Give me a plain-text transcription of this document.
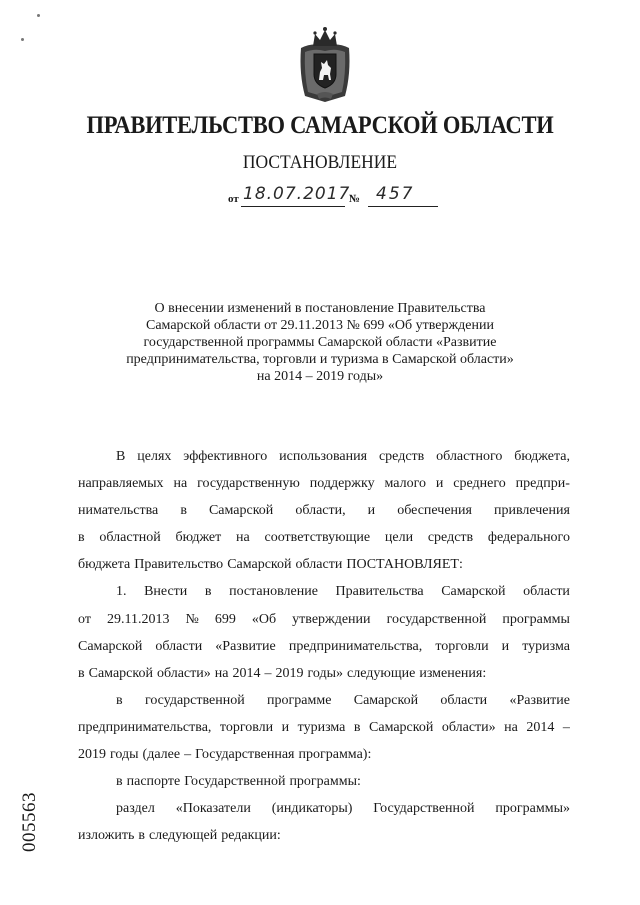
ПРАВИТЕЛЬСТВО САМАРСКОЙ ОБЛАСТИ
ПОСТАНОВЛЕНИЕ
от 18.07.2017
№ 457
О внесении изменений в постановление Правительства
Самарской области от 29.11.2013 № 699 «Об утверждении
государственной программы Самарской области «Развитие
предпринимательства, торговли и туризма в Самарской области»
на 2014 – 2019 годы»
В целях эффективного использования средств областного бюджета,
направляемых на государственную поддержку малого и среднего предпри-
нимательства в Самарской области, и обеспечения привлечения
в областной бюджет на соответствующие цели средств федерального
бюджета Правительство Самарской области ПОСТАНОВЛЯЕТ:
1. Внести в постановление Правительства Самарской области
от 29.11.2013 № 699 «Об утверждении государственной программы
Самарской области «Развитие предпринимательства, торговли и туризма
в Самарской области» на 2014 – 2019 годы» следующие изменения:
в государственной программе Самарской области «Развитие
предпринимательства, торговли и туризма в Самарской области» на 2014 –
2019 годы (далее – Государственная программа):
в паспорте Государственной программы:
раздел «Показатели (индикаторы) Государственной программы»
изложить в следующей редакции:
005563
